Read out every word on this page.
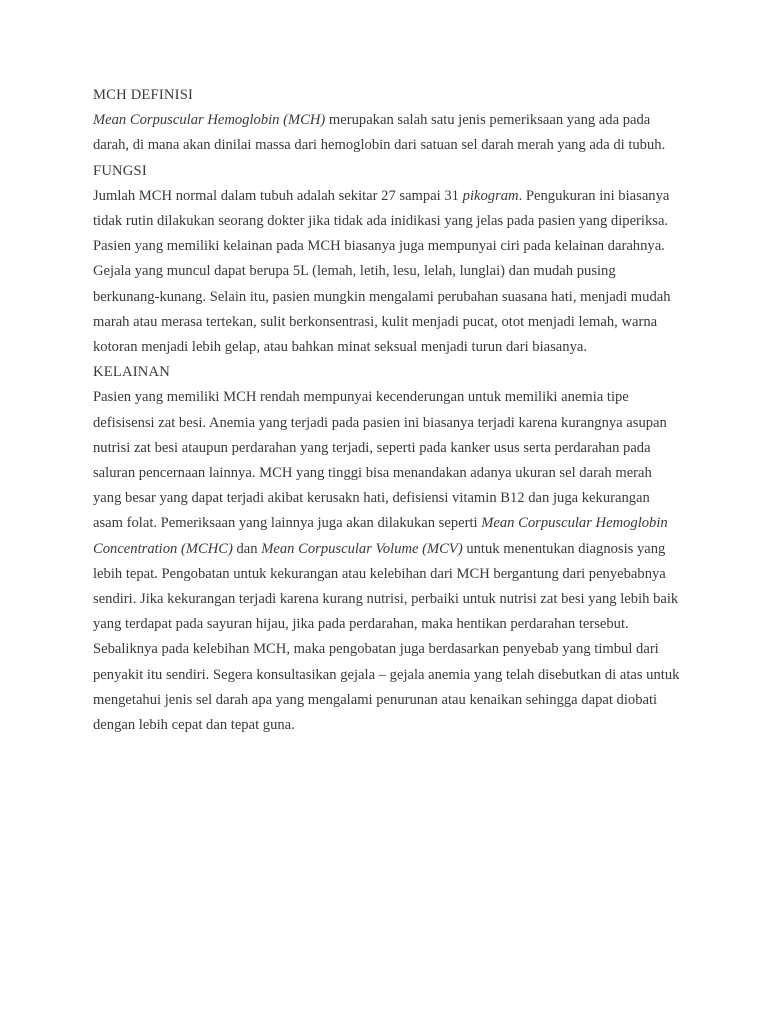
MCH DEFINISI

Mean Corpuscular Hemoglobin (MCH) merupakan salah satu jenis pemeriksaan yang ada pada darah, di mana akan dinilai massa dari hemoglobin dari satuan sel darah merah yang ada di tubuh.

FUNGSI

Jumlah MCH normal dalam tubuh adalah sekitar 27 sampai 31 pikogram. Pengukuran ini biasanya tidak rutin dilakukan seorang dokter jika tidak ada inidikasi yang jelas pada pasien yang diperiksa. Pasien yang memiliki kelainan pada MCH biasanya juga mempunyai ciri pada kelainan darahnya. Gejala yang muncul dapat berupa 5L (lemah, letih, lesu, lelah, lunglai) dan mudah pusing berkunang-kunang. Selain itu, pasien mungkin mengalami perubahan suasana hati, menjadi mudah marah atau merasa tertekan, sulit berkonsentrasi, kulit menjadi pucat, otot menjadi lemah, warna kotoran menjadi lebih gelap, atau bahkan minat seksual menjadi turun dari biasanya.

KELAINAN

Pasien yang memiliki MCH rendah mempunyai kecenderungan untuk memiliki anemia tipe defisisensi zat besi. Anemia yang terjadi pada pasien ini biasanya terjadi karena kurangnya asupan nutrisi zat besi ataupun perdarahan yang terjadi, seperti pada kanker usus serta perdarahan pada saluran pencernaan lainnya. MCH yang tinggi bisa menandakan adanya ukuran sel darah merah yang besar yang dapat terjadi akibat kerusakn hati, defisiensi vitamin B12 dan juga kekurangan asam folat. Pemeriksaan yang lainnya juga akan dilakukan seperti Mean Corpuscular Hemoglobin Concentration (MCHC) dan Mean Corpuscular Volume (MCV) untuk menentukan diagnosis yang lebih tepat. Pengobatan untuk kekurangan atau kelebihan dari MCH bergantung dari penyebabnya sendiri. Jika kekurangan terjadi karena kurang nutrisi, perbaiki untuk nutrisi zat besi yang lebih baik yang terdapat pada sayuran hijau, jika pada perdarahan, maka hentikan perdarahan tersebut. Sebaliknya pada kelebihan MCH, maka pengobatan juga berdasarkan penyebab yang timbul dari penyakit itu sendiri. Segera konsultasikan gejala – gejala anemia yang telah disebutkan di atas untuk mengetahui jenis sel darah apa yang mengalami penurunan atau kenaikan sehingga dapat diobati dengan lebih cepat dan tepat guna.
